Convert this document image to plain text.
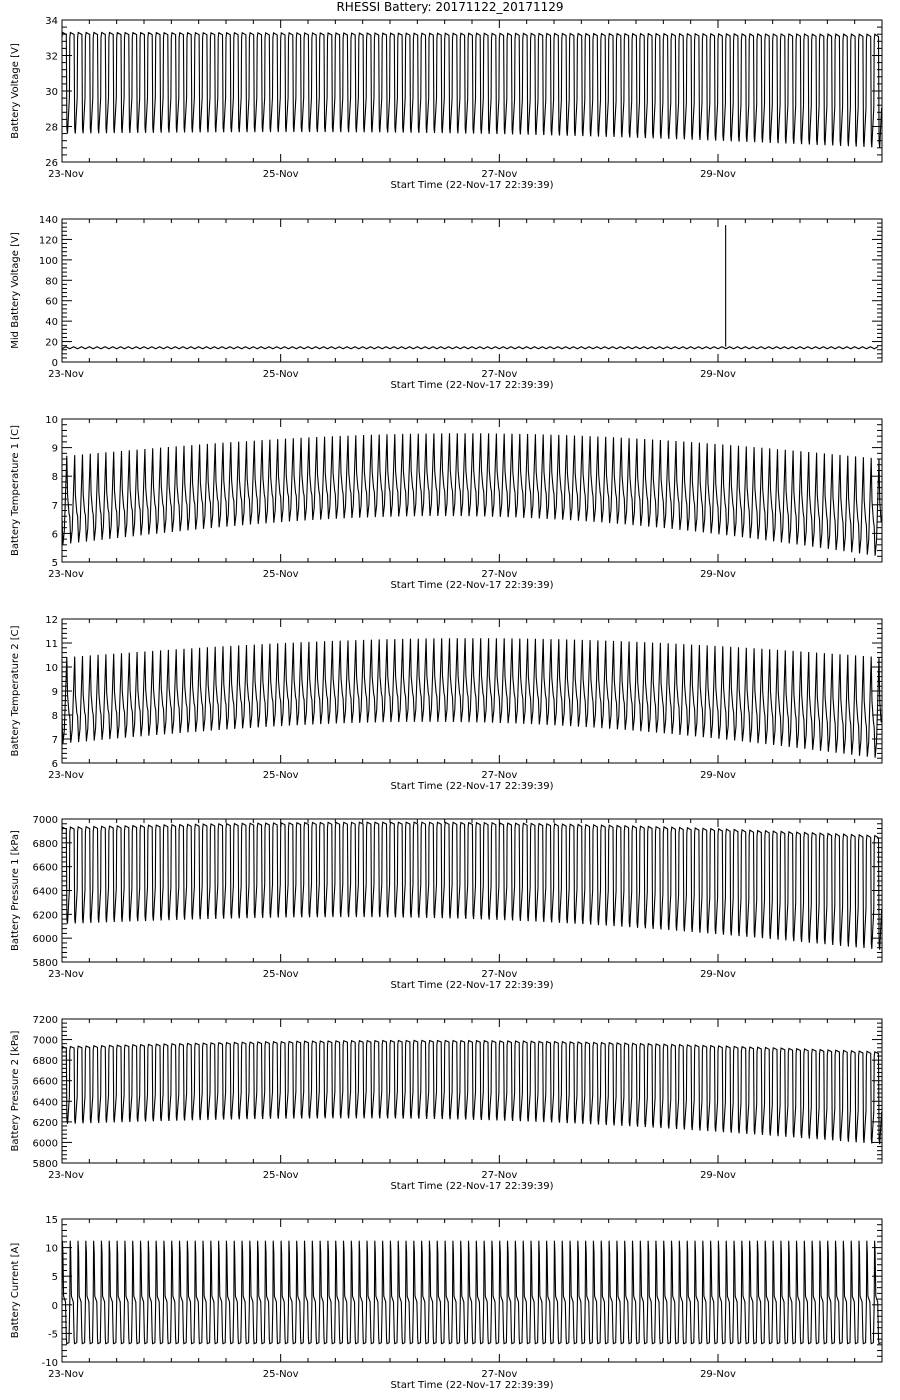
RHESSI Battery: 20171122_20171129
23-Nov	25-Nov	27-Nov	29-Nov
26
28
30
32
34
Battery Voltage [V]
Start Time (22-Nov-17 22:39:39)
23-Nov	25-Nov	27-Nov	29-Nov
0
20
40
60
80
100
120
140
Mid Battery Voltage [V]
Start Time (22-Nov-17 22:39:39)
23-Nov	25-Nov	27-Nov	29-Nov
5
6
7
8
9
10
Battery Temperature 1 [C]
Start Time (22-Nov-17 22:39:39)
23-Nov	25-Nov	27-Nov	29-Nov
6
7
8
9
10
11
12
Battery Temperature 2 [C]
Start Time (22-Nov-17 22:39:39)
23-Nov	25-Nov	27-Nov	29-Nov
5800
6000
6200
6400
6600
6800
7000
Battery Pressure 1 [kPa]
Start Time (22-Nov-17 22:39:39)
23-Nov	25-Nov	27-Nov	29-Nov
5800
6000
6200
6400
6600
6800
7000
7200
Battery Pressure 2 [kPa]
Start Time (22-Nov-17 22:39:39)
23-Nov	25-Nov	27-Nov	29-Nov
-10
-5
0
5
10
15
Battery Current [A]
Start Time (22-Nov-17 22:39:39)
